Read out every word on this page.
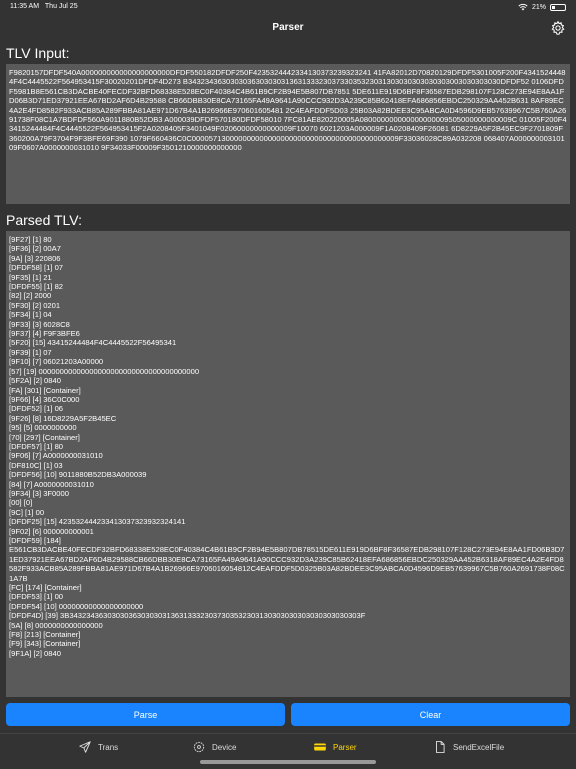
11:35 AM Thu Jul 25	21%
Parser
TLV Input:
F9820157DFDF540A000000000000000000000DFDF550182DFDF250F4235324442334130373239323241 41FA82012D70820129DFDF5301005F200F43415244484F4C4445522F564953415F30020201DFDF4D273 B34323436303030363030303136313332303733035323031303030303030303003030303030DFDF52 0106DFDF5981B8E561CB3DACBE40FECDF32BFD68338E528EC0F40384C4B61B9CF2B94E5B807DB7851 5DE611E919D6BF8F36587EDB298107F128C273E94E8AA1FD06B3D71ED37921EEA67BD2AF6D4B29588 CB66DBB30E8CA73165FA49A9641A90CCC932D3A239C85B62418EFA686856EBDC250329AA452B631 8AF89EC4A2E4FD8582F933ACB85A289FBBA81AE971D67B4A1B26966E970601605481 2C4EAFDDF5D03 25B03A82BDEE3C95ABCA0D4596D9EB57639967C5B760A2691738F08C1A7BDFDF560A9011880B52DB3 A000039DFDF570180DFDF58010 7FC81AE820220005A080000000000000000009505000000000009C 01005F200F43415244484F4C4445522F564953415F2A0208405F3401049F02060000000000009F10070 6021203A000009F1A0208409F26081 6D8229A5F2B45EC9F2701809F360200A79F3704F9F3BFE69F390 1079F660436C0C0000571300000000000000000000000000000000000000009F33036028C89A032208 068407A00000000310109F0607A0000000031010 9F34033F00009F3501210000000000000
Parsed TLV:
[9F27] [1] 80
[9F36] [2] 00A7
[9A] [3] 220806
[DFDF58] [1] 07
[9F35] [1] 21
[DFDF55] [1] 82
[82] [2] 2000
[5F30] [2] 0201
[5F34] [1] 04
[9F33] [3] 6028C8
[9F37] [4] F9F3BFE6
[5F20] [15] 43415244484F4C4445522F56495341
[9F39] [1] 07
[9F10] [7] 06021203A00000
[57] [19] 00000000000000000000000000000000000000
[5F2A] [2] 0840
[FA] [301] [Container]
[9F66] [4] 36C0C000
[DFDF52] [1] 06
[9F26] [8] 16D8229A5F2B45EC
[95] [5] 0000000000
[70] [297] [Container]
[DFDF57] [1] 80
[9F06] [7] A0000000031010
[DF810C] [1] 03
[DFDF56] [10] 9011880B52DB3A000039
[84] [7] A0000000031010
[9F34] [3] 3F0000
[00] [0]
[9C] [1] 00
[DFDF25] [15] 423532444233413037323932324141
[9F02] [6] 000000000001
[DFDF59] [184]
E561CB3DACBE40FECDF32BFD68338E528EC0F40384C4B61B9CF2B94E5B807DB78515DE611E919D6BF8F36587EDB298107F128C273E94E8AA1FD06B3D71ED37921EEA67BD2AF6D4B29588CB66DBB30E8CA73165FA49A9641A90CCC932D3A239C85B62418EFA686856EBDC250329AA452B6318AF89EC4A2E4FD8582F933ACB85A289FBBA81AE971D67B4A1B26966E9706016054812C4EAFDDF5D0325B03A82BDEE3C95ABCA0D4596D9EB57639967C5B760A2691738F08C1A7B
[FC] [174] [Container]
[DFDF53] [1] 00
[DFDF54] [10] 00000000000000000000
[DFDF4D] [39] 3B343234363030303630303031363133323037303532303130303030303030303030303F
[5A] [8] 0000000000000000
[F8] [213] [Container]
[F9] [343] [Container]
[9F1A] [2] 0840
Parse	Clear
Trans	Device	Parser	SendExcelFile
